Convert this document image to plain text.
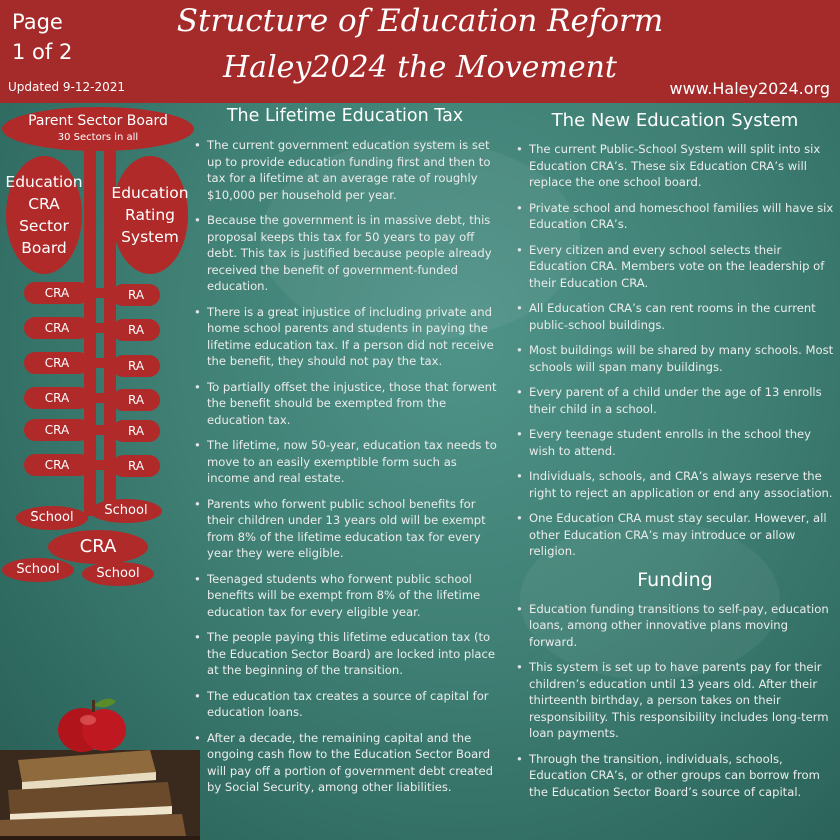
Page
1 of 2
Structure of Education Reform
Haley2024 the Movement
Updated 9-12-2021	www.Haley2024.org
Parent Sector Board
30 Sectors in all
Education CRA Sector Board
Education Rating System
CRA	RA
CRA	RA
CRA	RA
CRA	RA
CRA	RA
CRA	RA
School	School
CRA
School	School
The Lifetime Education Tax
• The current government education system is set up to provide education funding first and then to tax for a lifetime at an average rate of roughly $10,000 per household per year.
• Because the government is in massive debt, this proposal keeps this tax for 50 years to pay off debt. This tax is justified because people already received the benefit of government-funded education.
• There is a great injustice of including private and home school parents and students in paying the lifetime education tax. If a person did not receive the benefit, they should not pay the tax.
• To partially offset the injustice, those that forwent the benefit should be exempted from the education tax.
• The lifetime, now 50-year, education tax needs to move to an easily exemptible form such as income and real estate.
• Parents who forwent public school benefits for their children under 13 years old will be exempt from 8% of the lifetime education tax for every year they were eligible.
• Teenaged students who forwent public school benefits will be exempt from 8% of the lifetime education tax for every eligible year.
• The people paying this lifetime education tax (to the Education Sector Board) are locked into place at the beginning of the transition.
• The education tax creates a source of capital for education loans.
• After a decade, the remaining capital and the ongoing cash flow to the Education Sector Board will pay off a portion of government debt created by Social Security, among other liabilities.
The New Education System
• The current Public-School System will split into six Education CRA’s. These six Education CRA’s will replace the one school board.
• Private school and homeschool families will have six Education CRA’s.
• Every citizen and every school selects their Education CRA. Members vote on the leadership of their Education CRA.
• All Education CRA’s can rent rooms in the current public-school buildings.
• Most buildings will be shared by many schools. Most schools will span many buildings.
• Every parent of a child under the age of 13 enrolls their child in a school.
• Every teenage student enrolls in the school they wish to attend.
• Individuals, schools, and CRA’s always reserve the right to reject an application or end any association.
• One Education CRA must stay secular. However, all other Education CRA’s may introduce or allow religion.
Funding
• Education funding transitions to self-pay, education loans, among other innovative plans moving forward.
• This system is set up to have parents pay for their children’s education until 13 years old. After their thirteenth birthday, a person takes on their responsibility. This responsibility includes long-term loan payments.
• Through the transition, individuals, schools, Education CRA’s, or other groups can borrow from the Education Sector Board’s source of capital.
